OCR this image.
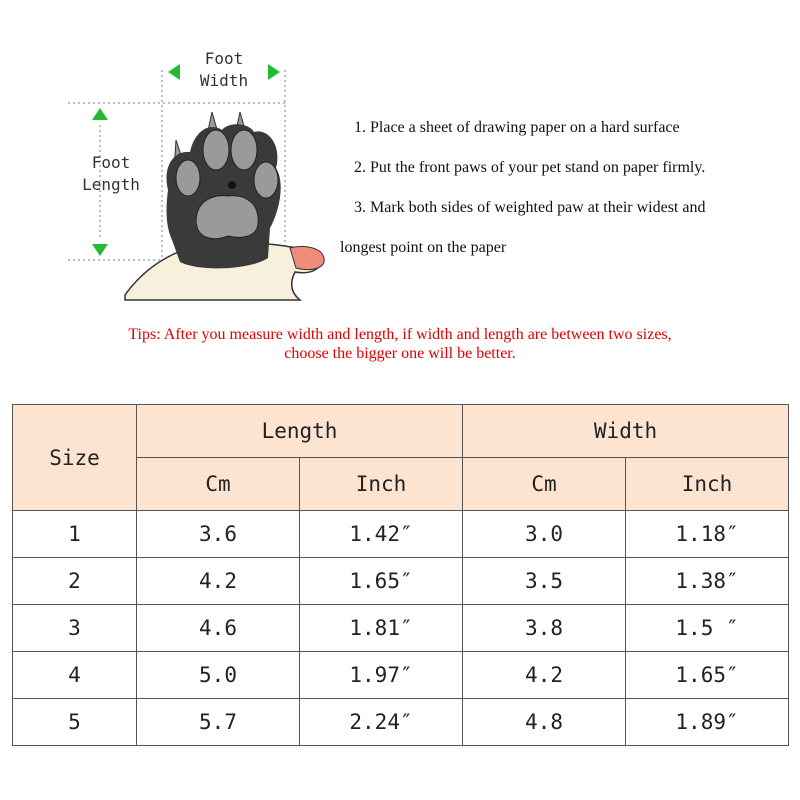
Foot
Width
Foot
Length
1. Place a sheet of drawing paper on a hard surface
2. Put the front paws of your pet stand on paper firmly.
3. Mark both sides of weighted paw at their widest and
longest point on the paper
Tips: After you measure width and length, if width and length are between two sizes,
choose the bigger one will be better.
Size	Length		Width	
	Cm	Inch	Cm	Inch
1	3.6	1.42″	3.0	1.18″
2	4.2	1.65″	3.5	1.38″
3	4.6	1.81″	3.8	1.5 ″
4	5.0	1.97″	4.2	1.65″
5	5.7	2.24″	4.8	1.89″
